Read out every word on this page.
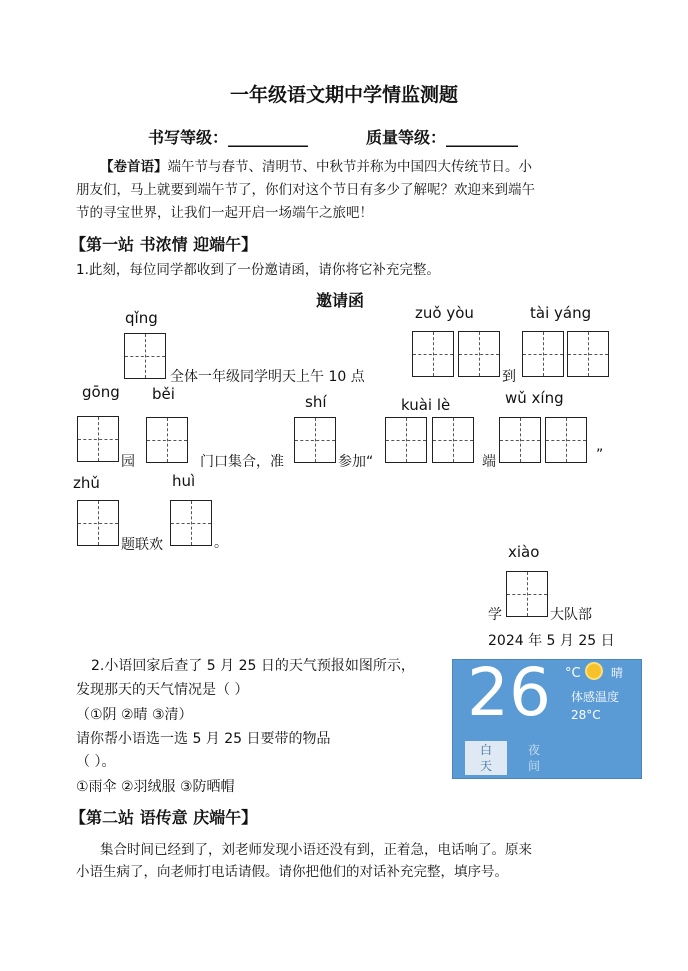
一年级语文期中学情监测题
书写等级：__________	质量等级：_________
【卷首语】端午节与春节、清明节、中秋节并称为中国四大传统节日。小
朋友们，马上就要到端午节了，你们对这个节日有多少了解呢？欢迎来到端午
节的寻宝世界，让我们一起开启一场端午之旅吧！
【第一站 书浓情 迎端午】
1.此刻，每位同学都收到了一份邀请函，请你将它补充完整。
邀请函
qǐng
全体一年级同学明天上午 10 点
zuǒ yòu
到
tài yáng
gōng
园
běi
门口集合，准
shí
参加“
kuài lè
端
wǔ xíng
”
zhǔ
题联欢
huì
。	xiào
学	大队部
2024 年 5 月 25 日
2.小语回家后查了 5 月 25 日的天气预报如图所示，
发现那天的天气情况是（ ）
（①阴 ②晴 ③清）
请你帮小语选一选 5 月 25 日要带的物品
（ ）。
①雨伞 ②羽绒服 ③防晒帽
26 °C	晴
体感温度
28°C
白
天
夜
间
【第二站 语传意 庆端午】
集合时间已经到了，刘老师发现小语还没有到，正着急，电话响了。原来
小语生病了，向老师打电话请假。请你把他们的对话补充完整，填序号。
